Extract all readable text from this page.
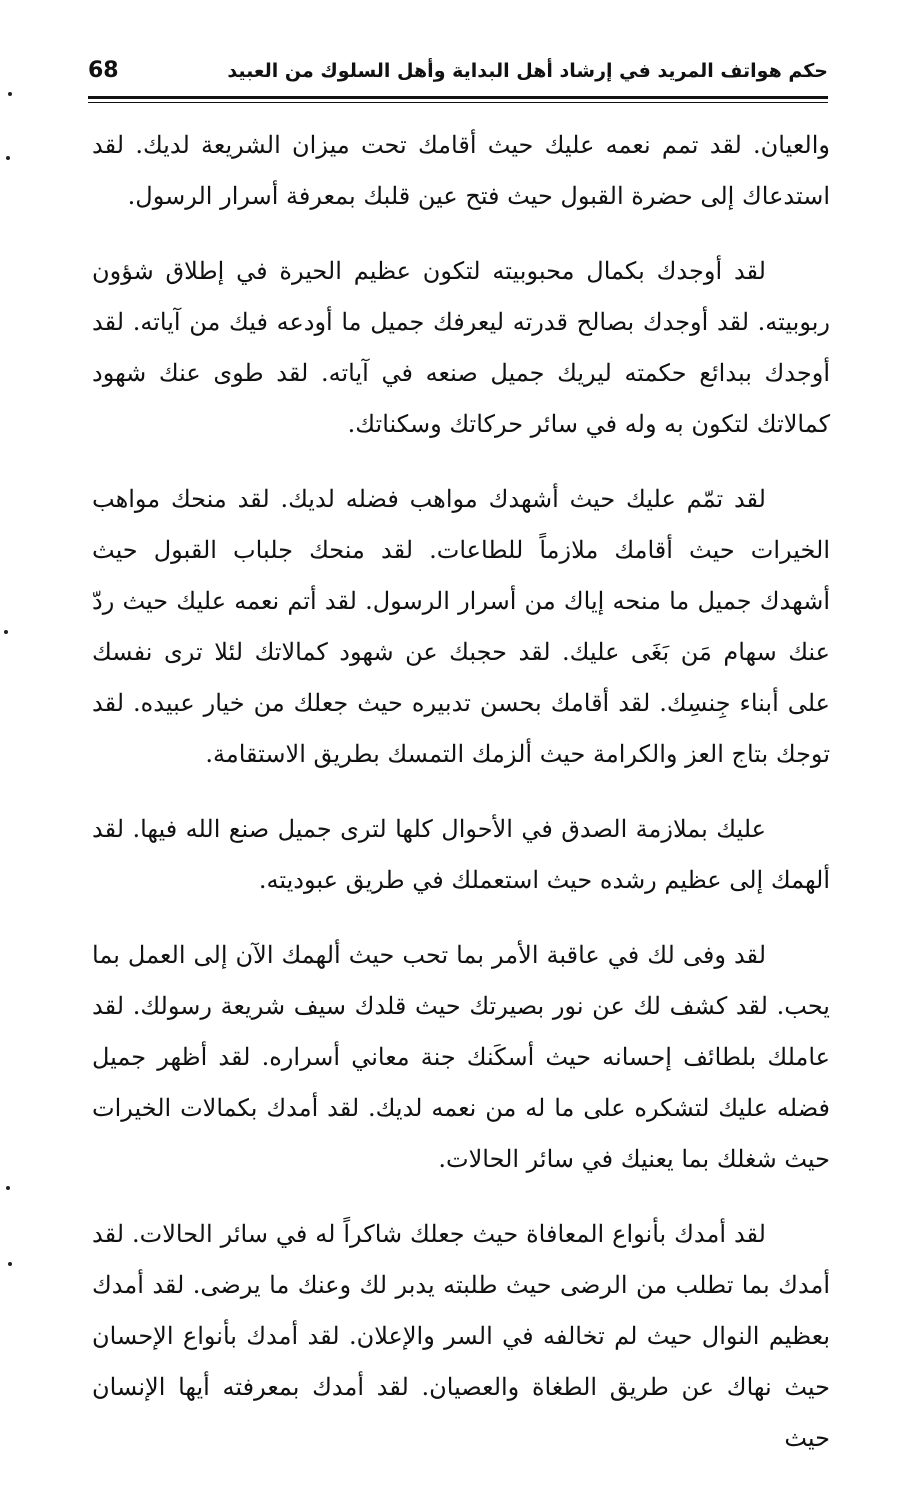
حكم هواتف المريد في إرشاد أهل البداية وأهل السلوك من العبيد
68

والعيان. لقد تمم نعمه عليك حيث أقامك تحت ميزان الشريعة لديك. لقد استدعاك إلى حضرة القبول حيث فتح عين قلبك بمعرفة أسرار الرسول.

لقد أوجدك بكمال محبوبيته لتكون عظيم الحيرة في إطلاق شؤون ربوبيته. لقد أوجدك بصالح قدرته ليعرفك جميل ما أودعه فيك من آياته. لقد أوجدك ببدائع حكمته ليريك جميل صنعه في آياته. لقد طوى عنك شهود كمالاتك لتكون به وله في سائر حركاتك وسكناتك.

لقد تمّم عليك حيث أشهدك مواهب فضله لديك. لقد منحك مواهب الخيرات حيث أقامك ملازماً للطاعات. لقد منحك جلباب القبول حيث أشهدك جميل ما منحه إياك من أسرار الرسول. لقد أتم نعمه عليك حيث ردّ عنك سهام مَن بَغَى عليك. لقد حجبك عن شهود كمالاتك لئلا ترى نفسك على أبناء جِنسِك. لقد أقامك بحسن تدبيره حيث جعلك من خيار عبيده. لقد توجك بتاج العز والكرامة حيث ألزمك التمسك بطريق الاستقامة.

عليك بملازمة الصدق في الأحوال كلها لترى جميل صنع الله فيها. لقد ألهمك إلى عظيم رشده حيث استعملك في طريق عبوديته.

لقد وفى لك في عاقبة الأمر بما تحب حيث ألهمك الآن إلى العمل بما يحب. لقد كشف لك عن نور بصيرتك حيث قلدك سيف شريعة رسولك. لقد عاملك بلطائف إحسانه حيث أسكَنك جنة معاني أسراره. لقد أظهر جميل فضله عليك لتشكره على ما له من نعمه لديك. لقد أمدك بكمالات الخيرات حيث شغلك بما يعنيك في سائر الحالات.

لقد أمدك بأنواع المعافاة حيث جعلك شاكراً له في سائر الحالات. لقد أمدك بما تطلب من الرضى حيث طلبته يدبر لك وعنك ما يرضى. لقد أمدك بعظيم النوال حيث لم تخالفه في السر والإعلان. لقد أمدك بأنواع الإحسان حيث نهاك عن طريق الطغاة والعصيان. لقد أمدك بمعرفته أيها الإنسان حيث
